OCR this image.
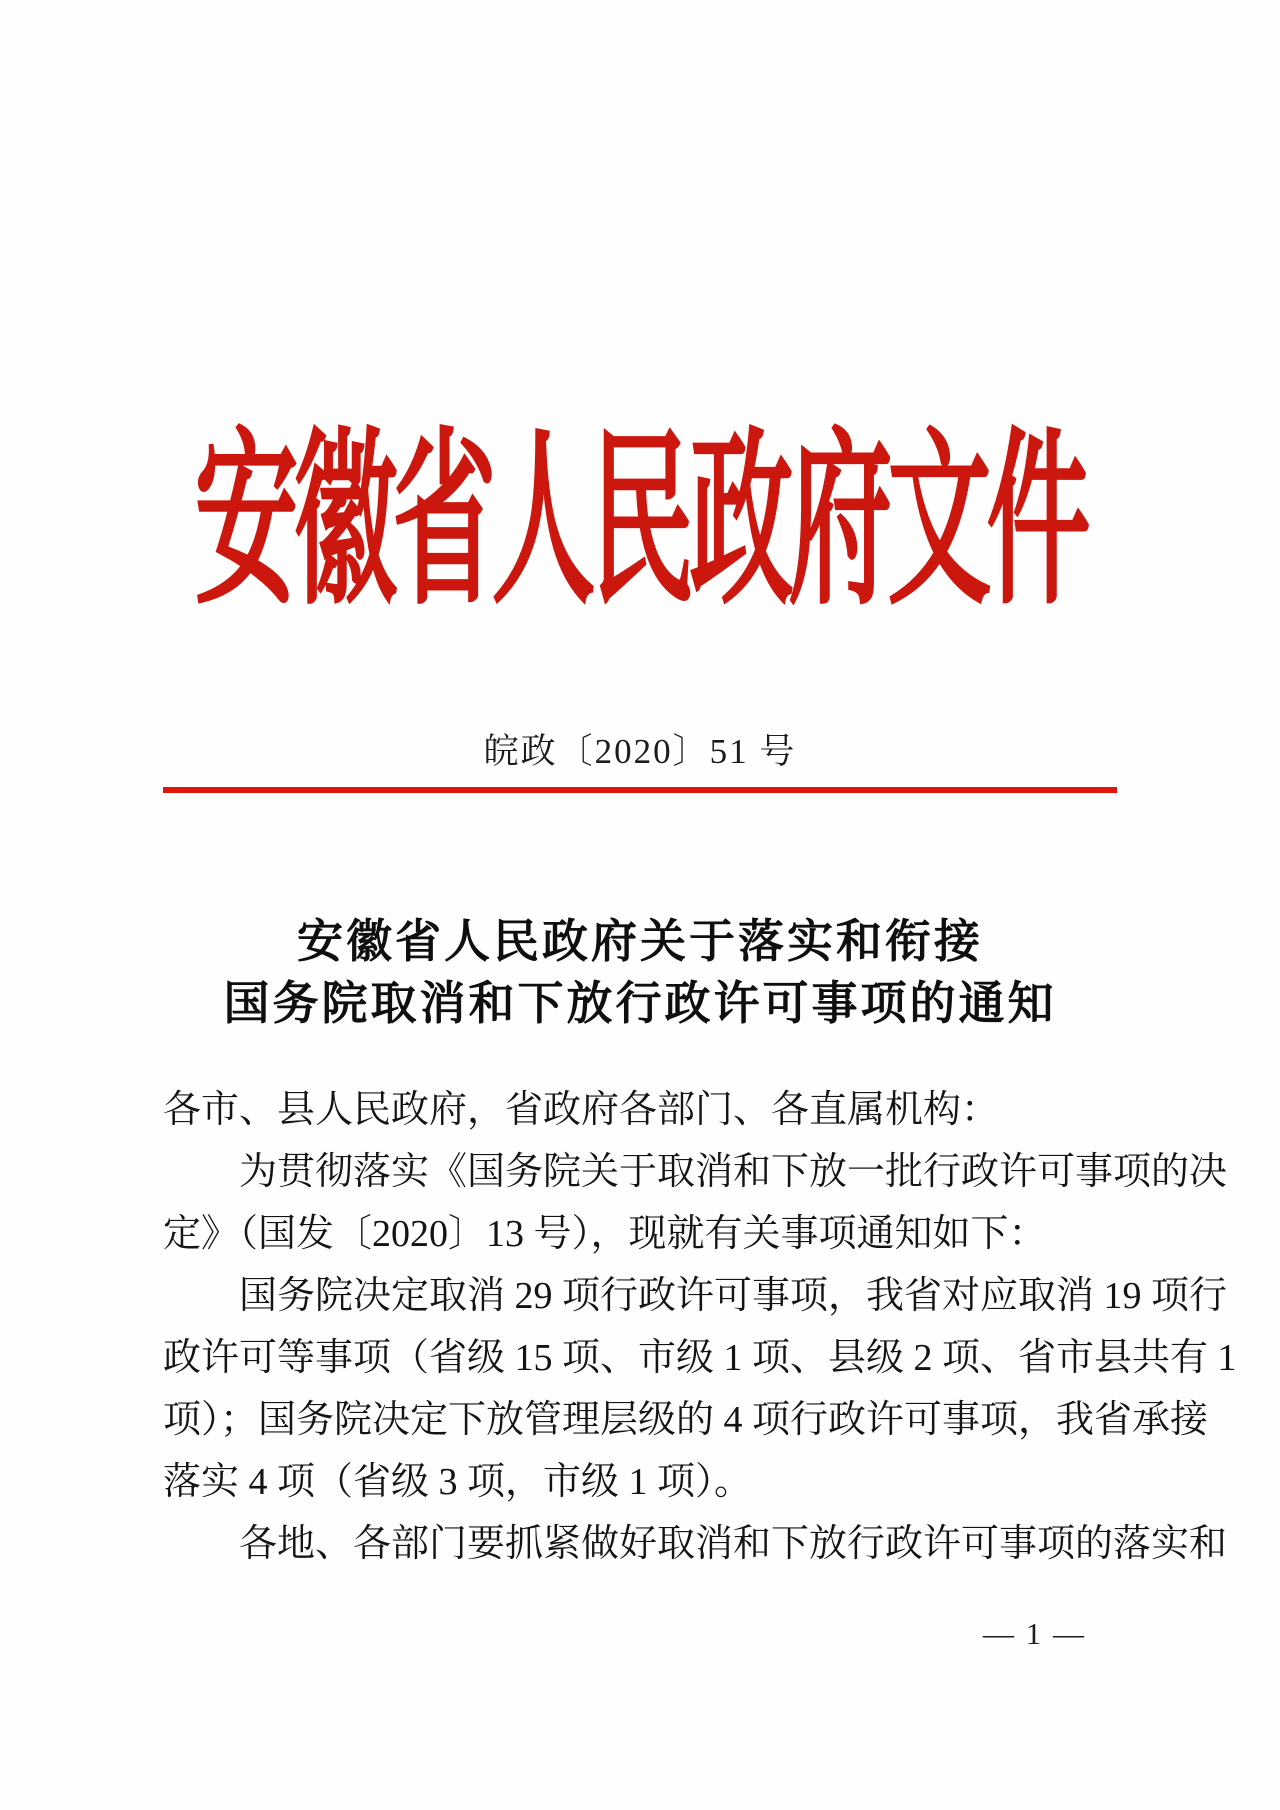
安徽省人民政府文件
皖政〔2020〕51 号
安徽省人民政府关于落实和衔接
国务院取消和下放行政许可事项的通知
各市、县人民政府，省政府各部门、各直属机构：
为贯彻落实《国务院关于取消和下放一批行政许可事项的决
定》（国发〔2020〕13 号），现就有关事项通知如下：
国务院决定取消 29 项行政许可事项，我省对应取消 19 项行
政许可等事项（省级 15 项、市级 1 项、县级 2 项、省市县共有 1
项）；国务院决定下放管理层级的 4 项行政许可事项，我省承接
落实 4 项（省级 3 项，市级 1 项）。
各地、各部门要抓紧做好取消和下放行政许可事项的落实和
— 1 —
